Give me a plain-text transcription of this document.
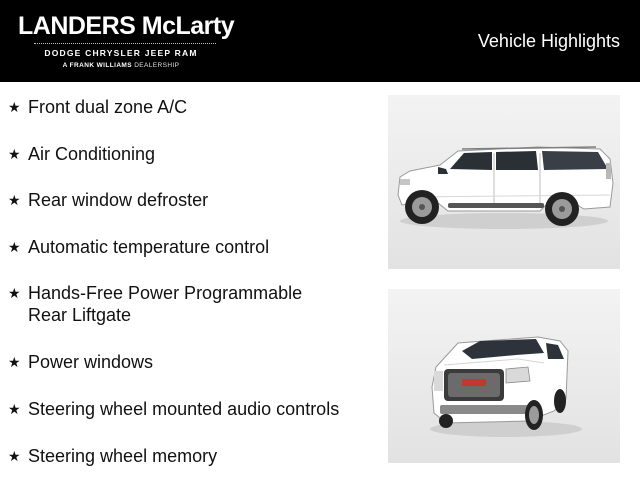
LANDERS McLarty
DODGE CHRYSLER JEEP RAM
A FRANK WILLIAMS DEALERSHIP
Vehicle Highlights
★ Front dual zone A/C
★ Air Conditioning
★ Rear window defroster
★ Automatic temperature control
★ Hands-Free Power Programmable Rear Liftgate
★ Power windows
★ Steering wheel mounted audio controls
★ Steering wheel memory
